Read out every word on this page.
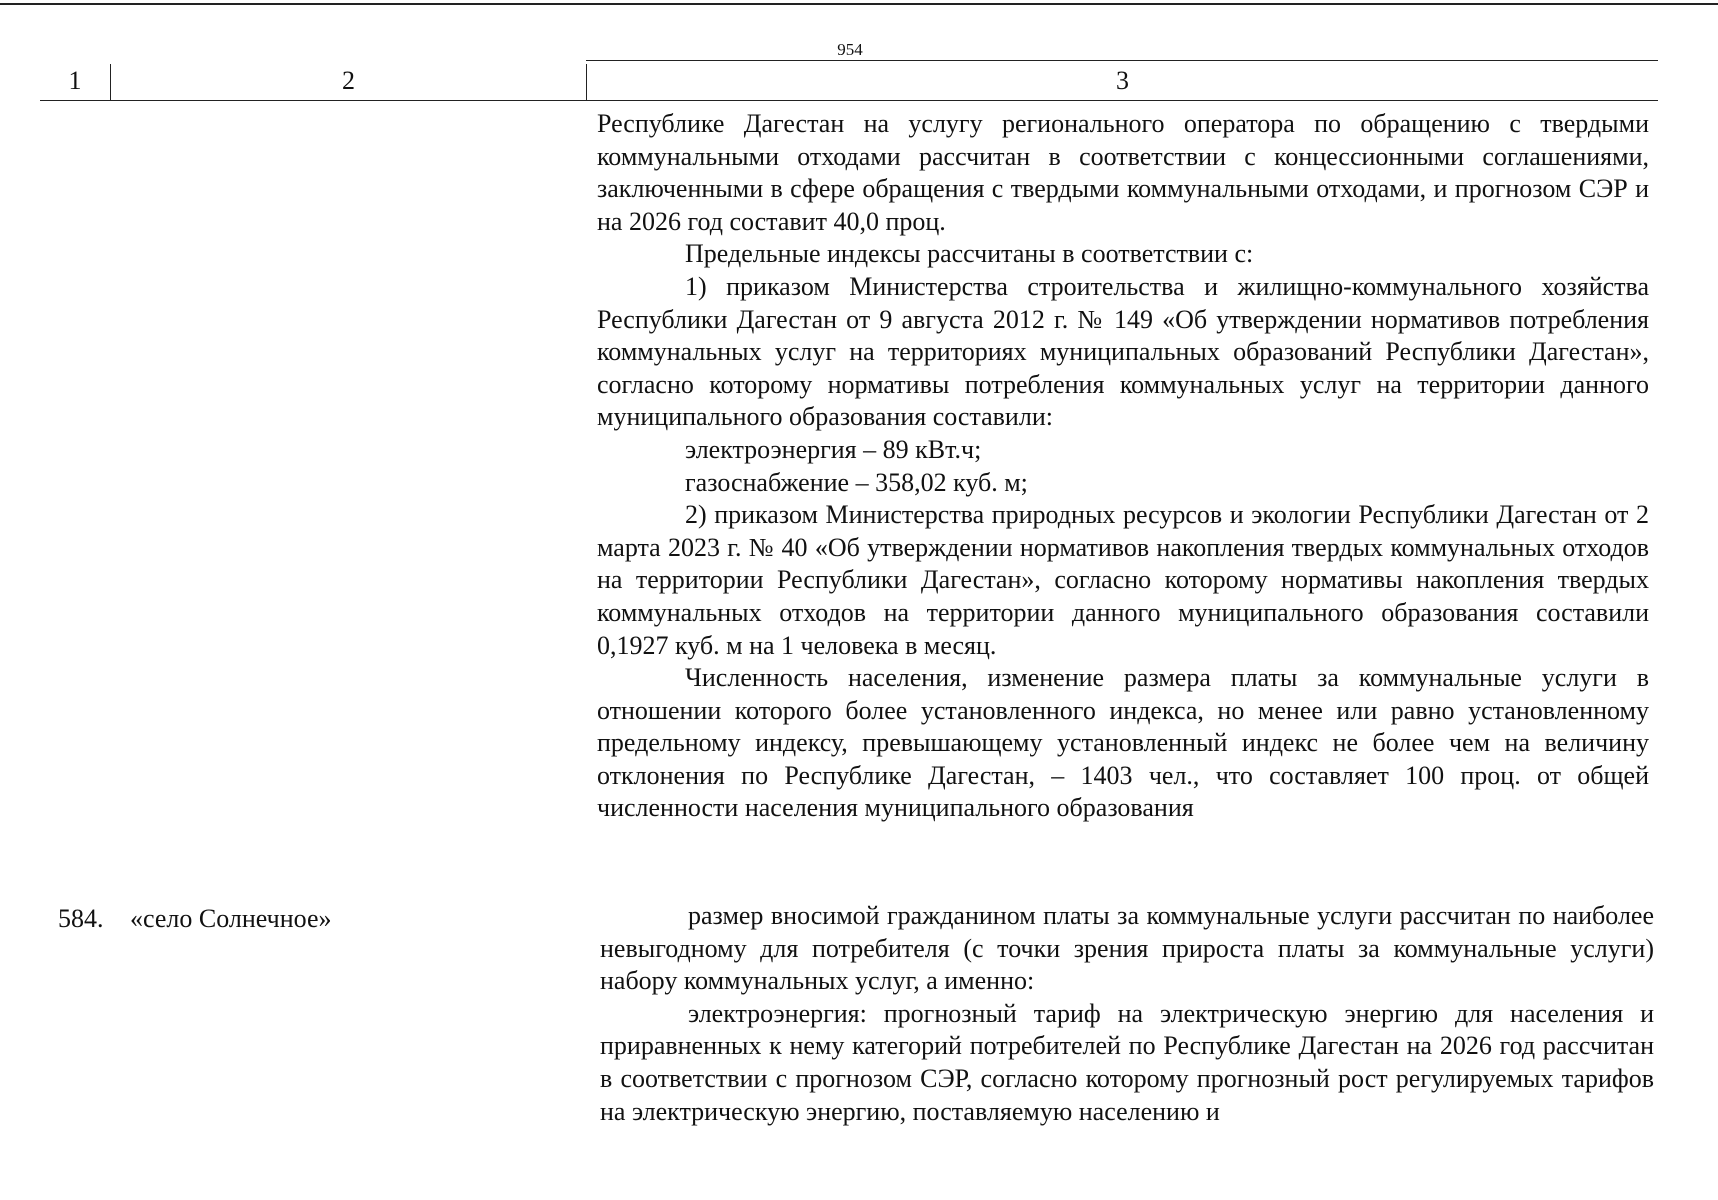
954
1	2	3

Республике Дагестан на услугу регионального оператора по обращению с твердыми коммунальными отходами рассчитан в соответствии с концессионными соглашениями, заключенными в сфере обращения с твердыми коммунальными отходами, и прогнозом СЭР и на 2026 год составит 40,0 проц.

Предельные индексы рассчитаны в соответствии с:

1) приказом Министерства строительства и жилищно-коммунального хозяйства Республики Дагестан от 9 августа 2012 г. № 149 «Об утверждении нормативов потребления коммунальных услуг на территориях муниципальных образований Республики Дагестан», согласно которому нормативы потребления коммунальных услуг на территории данного муниципального образования составили:

электроэнергия – 89 кВт.ч;

газоснабжение – 358,02 куб. м;

2) приказом Министерства природных ресурсов и экологии Республики Дагестан от 2 марта 2023 г. № 40 «Об утверждении нормативов накопления твердых коммунальных отходов на территории Республики Дагестан», согласно которому нормативы накопления твердых коммунальных отходов на территории данного муниципального образования составили 0,1927 куб. м на 1 человека в месяц.

Численность населения, изменение размера платы за коммунальные услуги в отношении которого более установленного индекса, но менее или равно установленному предельному индексу, превышающему установленный индекс не более чем на величину отклонения по Республике Дагестан, – 1403 чел., что составляет 100 проц. от общей численности населения муниципального образования

584. «село Солнечное»	размер вносимой гражданином платы за коммунальные услуги рассчитан по наиболее невыгодному для потребителя (с точки зрения прироста платы за коммунальные услуги) набору коммунальных услуг, а именно:

электроэнергия: прогнозный тариф на электрическую энергию для населения и приравненных к нему категорий потребителей по Республике Дагестан на 2026 год рассчитан в соответствии с прогнозом СЭР, согласно которому прогнозный рост регулируемых тарифов на электрическую энергию, поставляемую населению и
